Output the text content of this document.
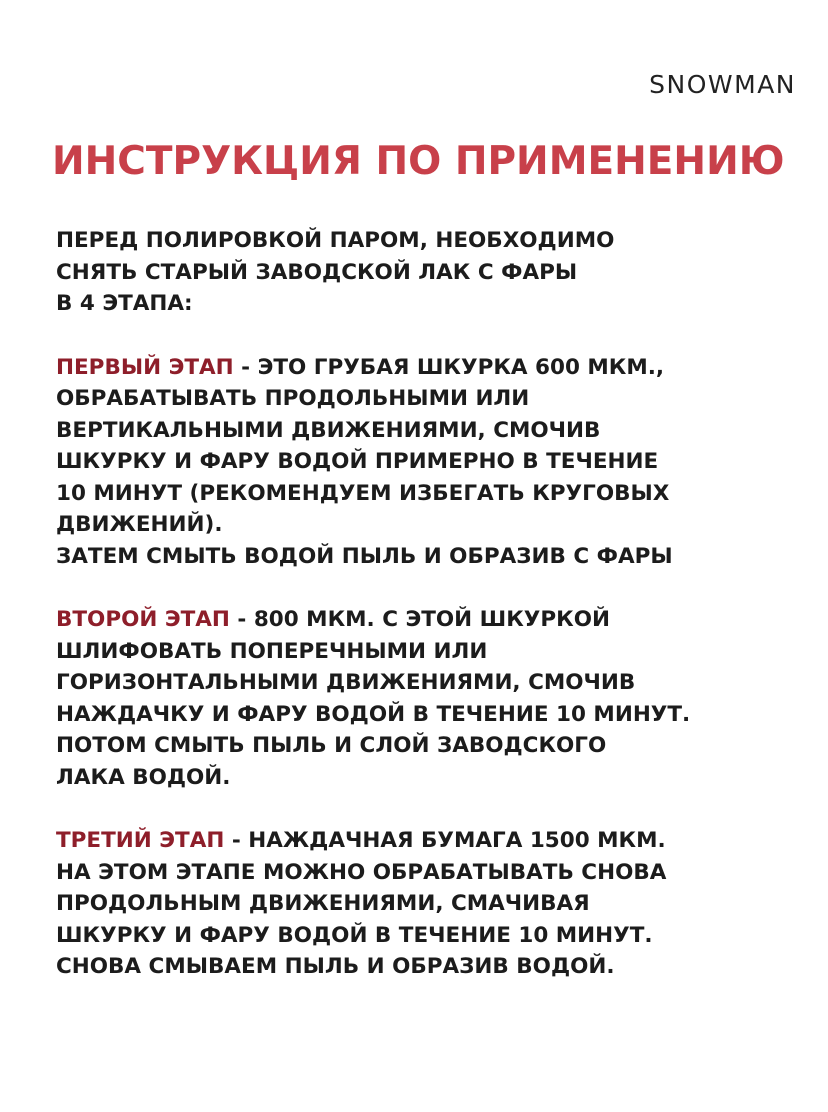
SNOWMAN
ИНСТРУКЦИЯ ПО ПРИМЕНЕНИЮ

ПЕРЕД ПОЛИРОВКОЙ ПАРОМ, НЕОБХОДИМО

СНЯТЬ СТАРЫЙ ЗАВОДСКОЙ ЛАК С ФАРЫ

В 4 ЭТАПА:

ПЕРВЫЙ ЭТАП - ЭТО ГРУБАЯ ШКУРКА 600 МКМ.,

ОБРАБАТЫВАТЬ ПРОДОЛЬНЫМИ ИЛИ

ВЕРТИКАЛЬНЫМИ ДВИЖЕНИЯМИ, СМОЧИВ

ШКУРКУ И ФАРУ ВОДОЙ ПРИМЕРНО В ТЕЧЕНИЕ

10 МИНУТ (РЕКОМЕНДУЕМ ИЗБЕГАТЬ КРУГОВЫХ

ДВИЖЕНИЙ).

ЗАТЕМ СМЫТЬ ВОДОЙ ПЫЛЬ И ОБРАЗИВ С ФАРЫ

ВТОРОЙ ЭТАП - 800 МКМ. С ЭТОЙ ШКУРКОЙ

ШЛИФОВАТЬ ПОПЕРЕЧНЫМИ ИЛИ

ГОРИЗОНТАЛЬНЫМИ ДВИЖЕНИЯМИ, СМОЧИВ

НАЖДАЧКУ И ФАРУ ВОДОЙ В ТЕЧЕНИЕ 10 МИНУТ.

ПОТОМ СМЫТЬ ПЫЛЬ И СЛОЙ ЗАВОДСКОГО

ЛАКА ВОДОЙ.

ТРЕТИЙ ЭТАП - НАЖДАЧНАЯ БУМАГА 1500 МКМ.

НА ЭТОМ ЭТАПЕ МОЖНО ОБРАБАТЫВАТЬ СНОВА

ПРОДОЛЬНЫМ ДВИЖЕНИЯМИ, СМАЧИВАЯ

ШКУРКУ И ФАРУ ВОДОЙ В ТЕЧЕНИЕ 10 МИНУТ.

СНОВА СМЫВАЕМ ПЫЛЬ И ОБРАЗИВ ВОДОЙ.
